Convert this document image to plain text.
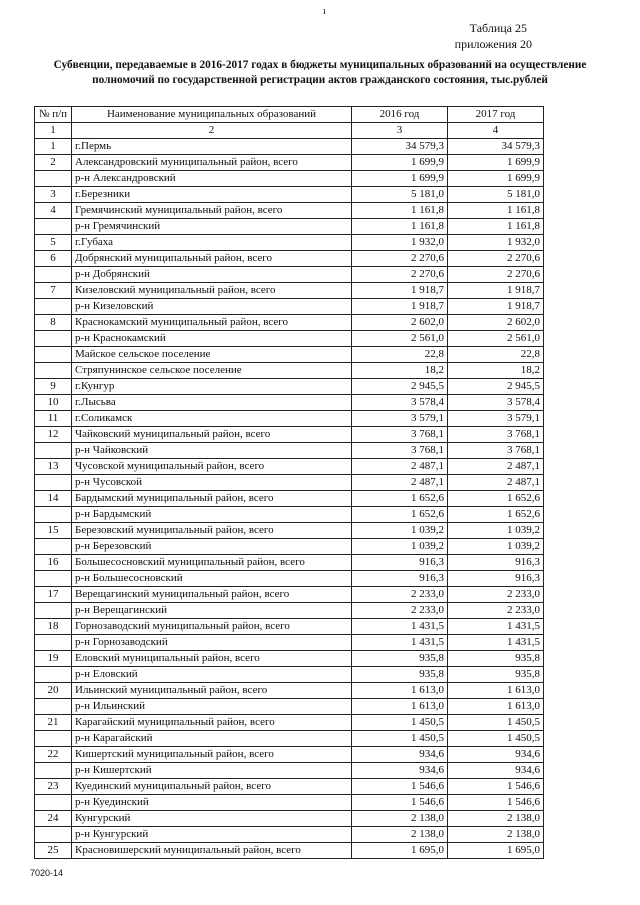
ı
Таблица 25
приложения 20
Субвенции, передаваемые в 2016-2017 годах в бюджеты муниципальных образований на осуществление полномочий по государственной регистрации актов гражданского состояния, тыс.рублей
№ п/п	Наименование муниципальных образований	2016 год	2017 год
1	2	3	4
1	г.Пермь	34 579,3	34 579,3
2	Александровский муниципальный район, всего	1 699,9	1 699,9
	р-н Александровский	1 699,9	1 699,9
3	г.Березники	5 181,0	5 181,0
4	Гремячинский муниципальный район, всего	1 161,8	1 161,8
	р-н Гремячинский	1 161,8	1 161,8
5	г.Губаха	1 932,0	1 932,0
6	Добрянский муниципальный район, всего	2 270,6	2 270,6
	р-н Добрянский	2 270,6	2 270,6
7	Кизеловский муниципальный район, всего	1 918,7	1 918,7
	р-н Кизеловский	1 918,7	1 918,7
8	Краснокамский муниципальный район, всего	2 602,0	2 602,0
	р-н Краснокамский	2 561,0	2 561,0
	Майское сельское поселение	22,8	22,8
	Стряпунинское сельское поселение	18,2	18,2
9	г.Кунгур	2 945,5	2 945,5
10	г.Лысьва	3 578,4	3 578,4
11	г.Соликамск	3 579,1	3 579,1
12	Чайковский муниципальный район, всего	3 768,1	3 768,1
	р-н Чайковский	3 768,1	3 768,1
13	Чусовской муниципальный район, всего	2 487,1	2 487,1
	р-н Чусовской	2 487,1	2 487,1
14	Бардымский муниципальный район, всего	1 652,6	1 652,6
	р-н Бардымский	1 652,6	1 652,6
15	Березовский муниципальный район, всего	1 039,2	1 039,2
	р-н Березовский	1 039,2	1 039,2
16	Большесосновский муниципальный район, всего	916,3	916,3
	р-н Большесосновский	916,3	916,3
17	Верещагинский муниципальный район, всего	2 233,0	2 233,0
	р-н Верещагинский	2 233,0	2 233,0
18	Горнозаводский муниципальный район, всего	1 431,5	1 431,5
	р-н Горнозаводский	1 431,5	1 431,5
19	Еловский муниципальный район, всего	935,8	935,8
	р-н Еловский	935,8	935,8
20	Ильинский муниципальный район, всего	1 613,0	1 613,0
	р-н Ильинский	1 613,0	1 613,0
21	Карагайский муниципальный район, всего	1 450,5	1 450,5
	р-н Карагайский	1 450,5	1 450,5
22	Кишертский муниципальный район, всего	934,6	934,6
	р-н Кишертский	934,6	934,6
23	Куединский муниципальный район, всего	1 546,6	1 546,6
	р-н Куединский	1 546,6	1 546,6
24	Кунгурский	2 138,0	2 138,0
	р-н Кунгурский	2 138,0	2 138,0
25	Красновишерский муниципальный район, всего	1 695,0	1 695,0
7020-14
